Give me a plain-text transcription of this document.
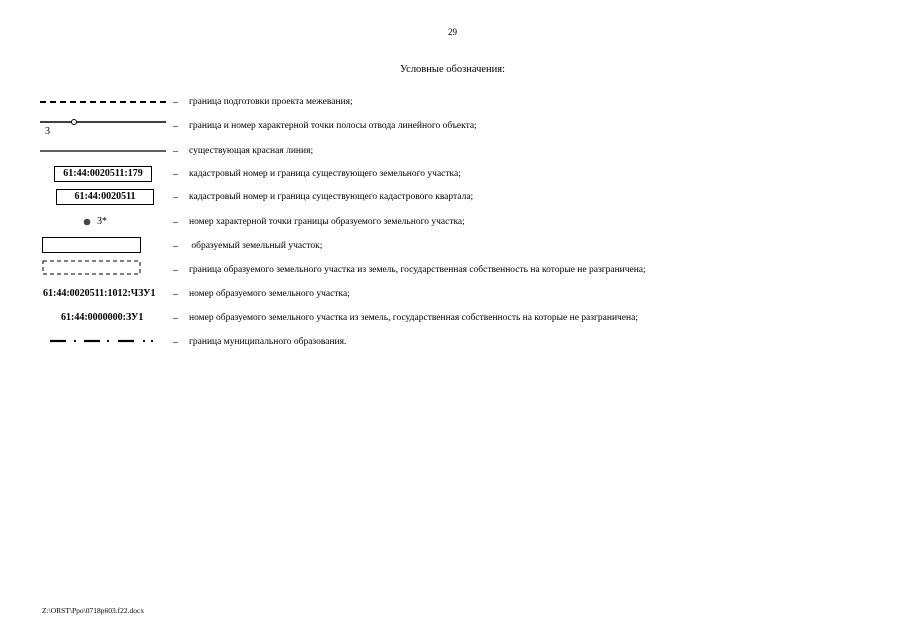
29
Условные обозначения:
– граница подготовки проекта межевания;
3	– граница и номер характерной точки полосы отвода линейного объекта;
– существующая красная линия;
61:44:0020511:179	– кадастровый номер и граница существующего земельного участка;
61:44:0020511	– кадастровый номер и граница существующего кадастрового квартала;
3*	– номер характерной точки границы образуемого земельного участка;
– образуемый земельный участок;
– граница образуемого земельного участка из земель, государственная собственность на которые не разграничена;
61:44:0020511:1012:ЧЗУ1 – номер образуемого земельного участка;
61:44:0000000:ЗУ1	– номер образуемого земельного участка из земель, государственная собственность на которые не разграничена;
– граница муниципального образования.
Z:\ORST\Ppo\0718p603.f22.docx
